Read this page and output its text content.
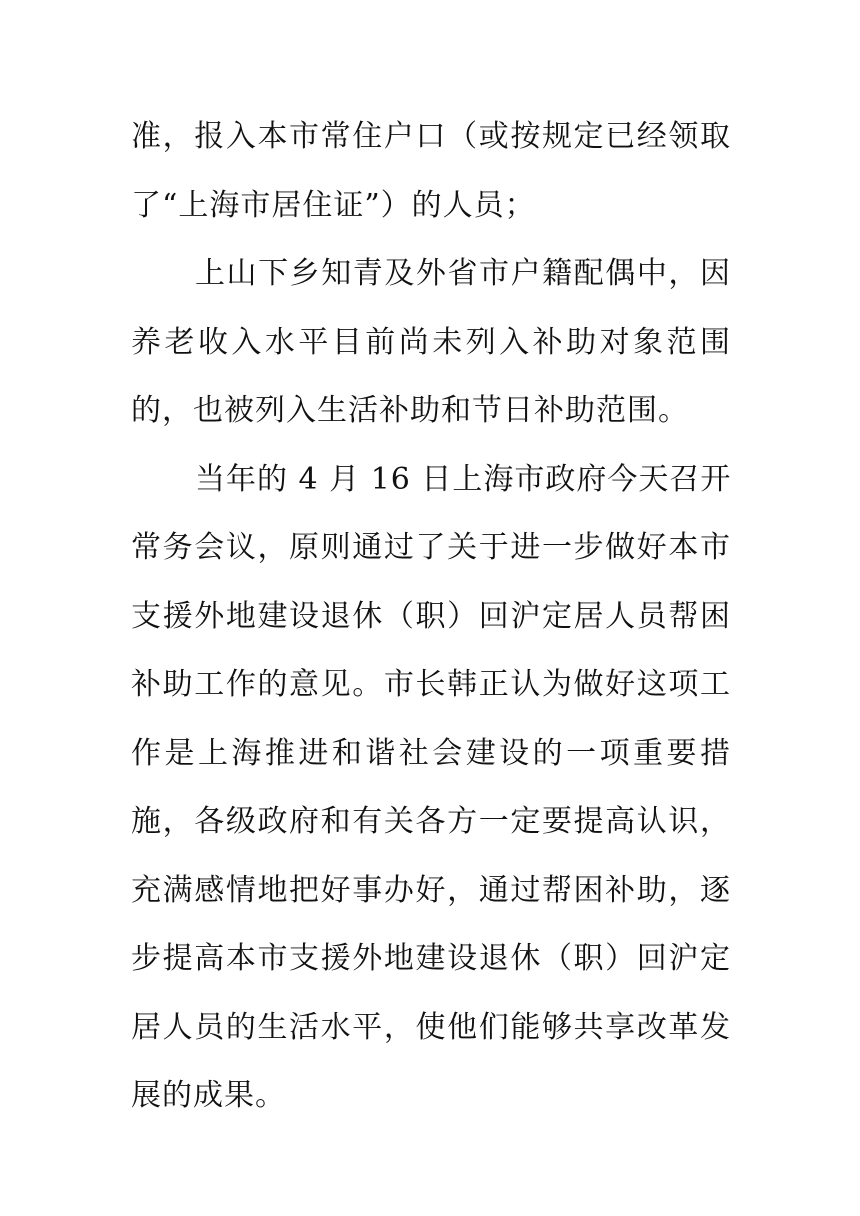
准，报入本市常住户口（或按规定已经领取
了“上海市居住证”）的人员；
上山下乡知青及外省市户籍配偶中，因
养老收入水平目前尚未列入补助对象范围
的，也被列入生活补助和节日补助范围。
当年的 4 月 16 日上海市政府今天召开
常务会议，原则通过了关于进一步做好本市
支援外地建设退休（职）回沪定居人员帮困
补助工作的意见。市长韩正认为做好这项工
作是上海推进和谐社会建设的一项重要措
施，各级政府和有关各方一定要提高认识，
充满感情地把好事办好，通过帮困补助，逐
步提高本市支援外地建设退休（职）回沪定
居人员的生活水平，使他们能够共享改革发
展的成果。
